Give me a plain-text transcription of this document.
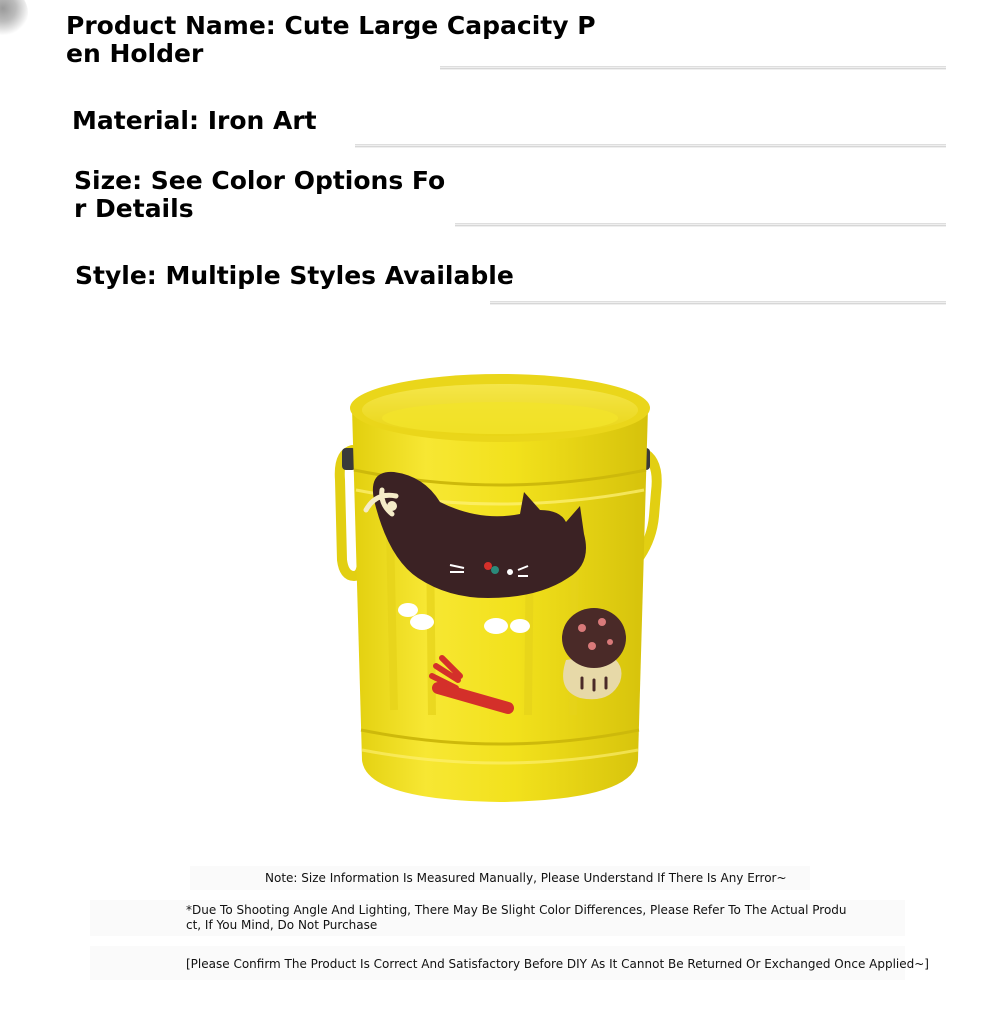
Product Name: Cute Large Capacity P
en Holder

Material: Iron Art

Size: See Color Options Fo
r Details

Style: Multiple Styles Available

Note: Size Information Is Measured Manually, Please Understand If There Is Any Error~

*Due To Shooting Angle And Lighting, There May Be Slight Color Differences, Please Refer To The Actual Produ
ct, If You Mind, Do Not Purchase

[Please Confirm The Product Is Correct And Satisfactory Before DIY As It Cannot Be Returned Or Exchanged Once Applied~]
